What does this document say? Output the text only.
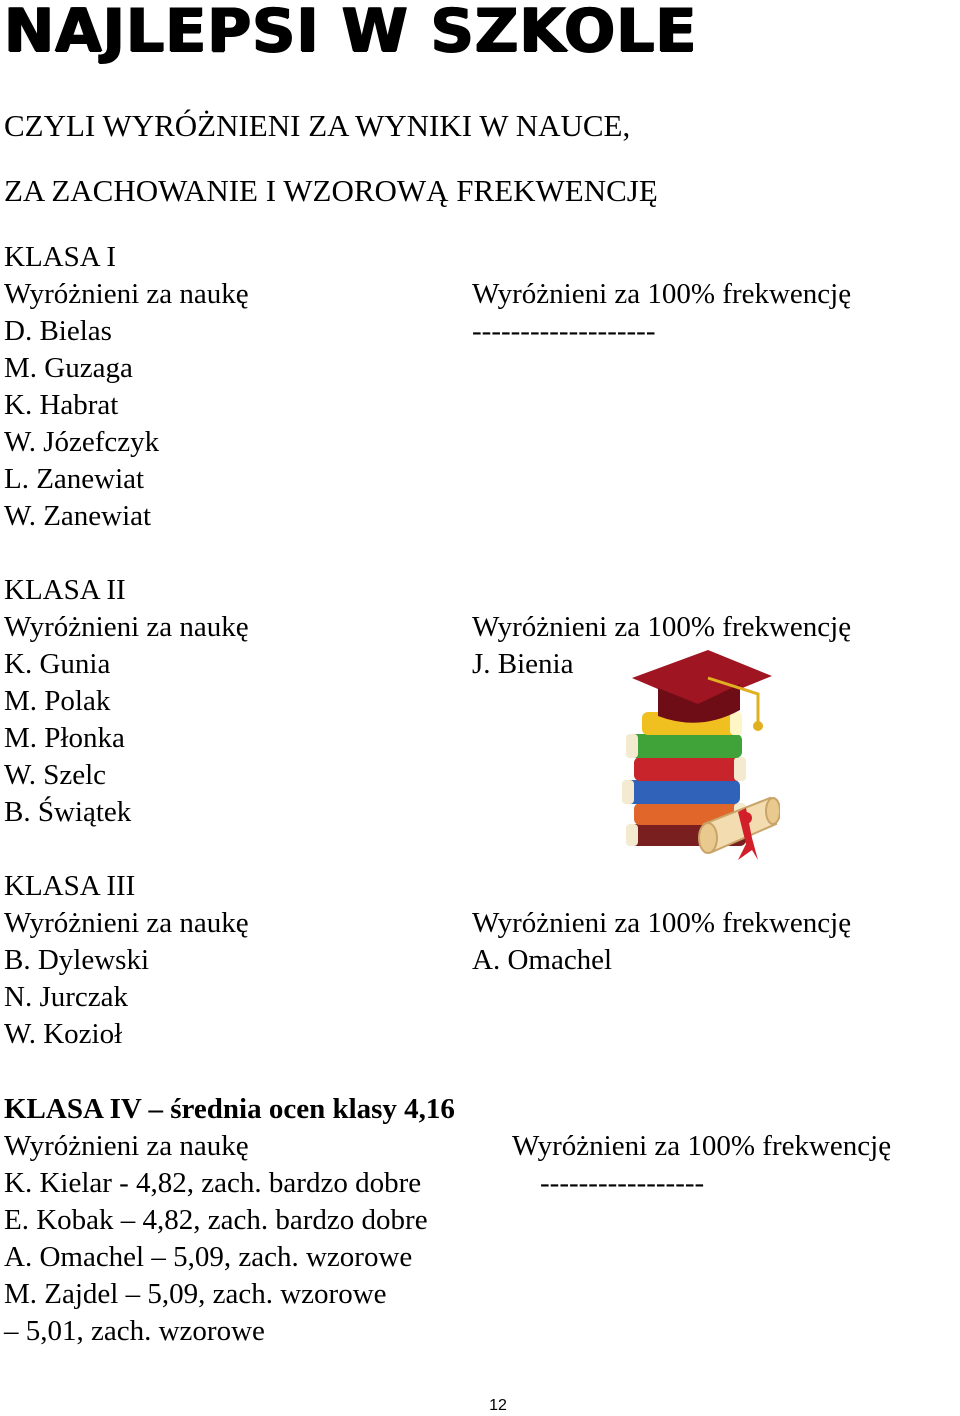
NAJLEPSI W SZKOLE
CZYLI WYRÓŻNIENI ZA WYNIKI W NAUCE,
ZA ZACHOWANIE I WZOROWĄ FREKWENCJĘ
KLASA I
Wyróżnieni za naukę	Wyróżnieni za 100% frekwencję
D. Bielas	-------------------
M. Guzaga
K. Habrat
W. Józefczyk
L. Zanewiat
W. Zanewiat
KLASA II
Wyróżnieni za naukę	Wyróżnieni za 100% frekwencję
K. Gunia	J. Bienia
M. Polak
M. Płonka
W. Szelc
B. Świątek
KLASA III
Wyróżnieni za naukę	Wyróżnieni za 100% frekwencję
B. Dylewski	A. Omachel
N. Jurczak
W. Kozioł
KLASA IV – średnia ocen klasy 4,16
Wyróżnieni za naukę	Wyróżnieni za 100% frekwencję
K. Kielar - 4,82, zach. bardzo dobre	-----------------
E. Kobak – 4,82, zach. bardzo dobre
A. Omachel – 5,09, zach. wzorowe
M. Zajdel – 5,09, zach. wzorowe
– 5,01, zach. wzorowe
12
